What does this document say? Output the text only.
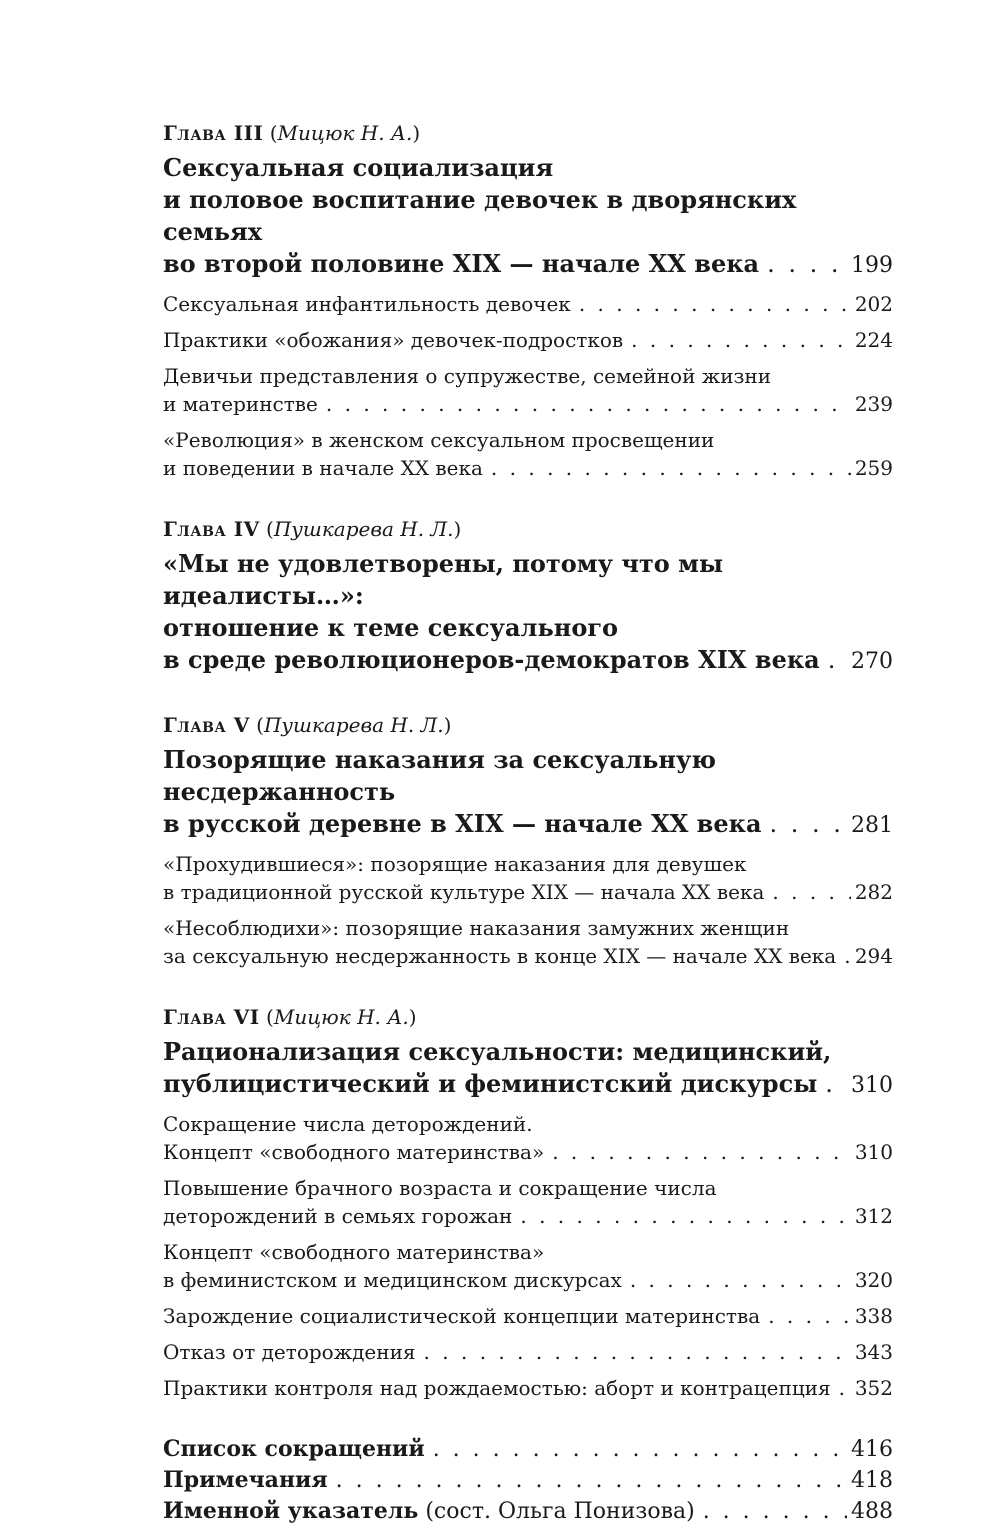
Глава III (Мицюк Н. А.)
Сексуальная социализация
и половое воспитание девочек в дворянских семьях
во второй половине XIX — начале XX века . . .	199
Сексуальная инфантильность девочек . . .	202
Практики «обожания» девочек-подростков . . .	224
Девичьи представления о супружестве, семейной жизни
и материнстве . . .	239
«Революция» в женском сексуальном просвещении
и поведении в начале XX века . . .	259
Глава IV (Пушкарева Н. Л.)
«Мы не удовлетворены, потому что мы идеалисты…»:
отношение к теме сексуального
в среде революционеров-демократов XIX века . . . 270
Глава V (Пушкарева Н. Л.)
Позорящие наказания за сексуальную несдержанность
в русской деревне в XIX — начале XX века . . .	281
«Прохудившиеся»: позорящие наказания для девушек
в традиционной русской культуре XIX — начала XX века . . .	282
«Несоблюдихи»: позорящие наказания замужних женщин
за сексуальную несдержанность в конце XIX — начале XX века . . . 294
Глава VI (Мицюк Н. А.)
Рационализация сексуальности: медицинский,
публицистический и феминистский дискурсы . . . 310
Сокращение числа деторождений.
Концепт «свободного материнства» . . .	310
Повышение брачного возраста и сокращение числа
деторождений в семьях горожан . . .	312
Концепт «свободного материнства»
в феминистском и медицинском дискурсах . . .	320
Зарождение социалистической концепции материнства . . .	338
Отказ от деторождения . . .	343
Практики контроля над рождаемостью: аборт и контрацепция . . . 352
Список сокращений . . .	416
Примечания . . .	418
Именной указатель (сост. Ольга Понизова) . . .	488
